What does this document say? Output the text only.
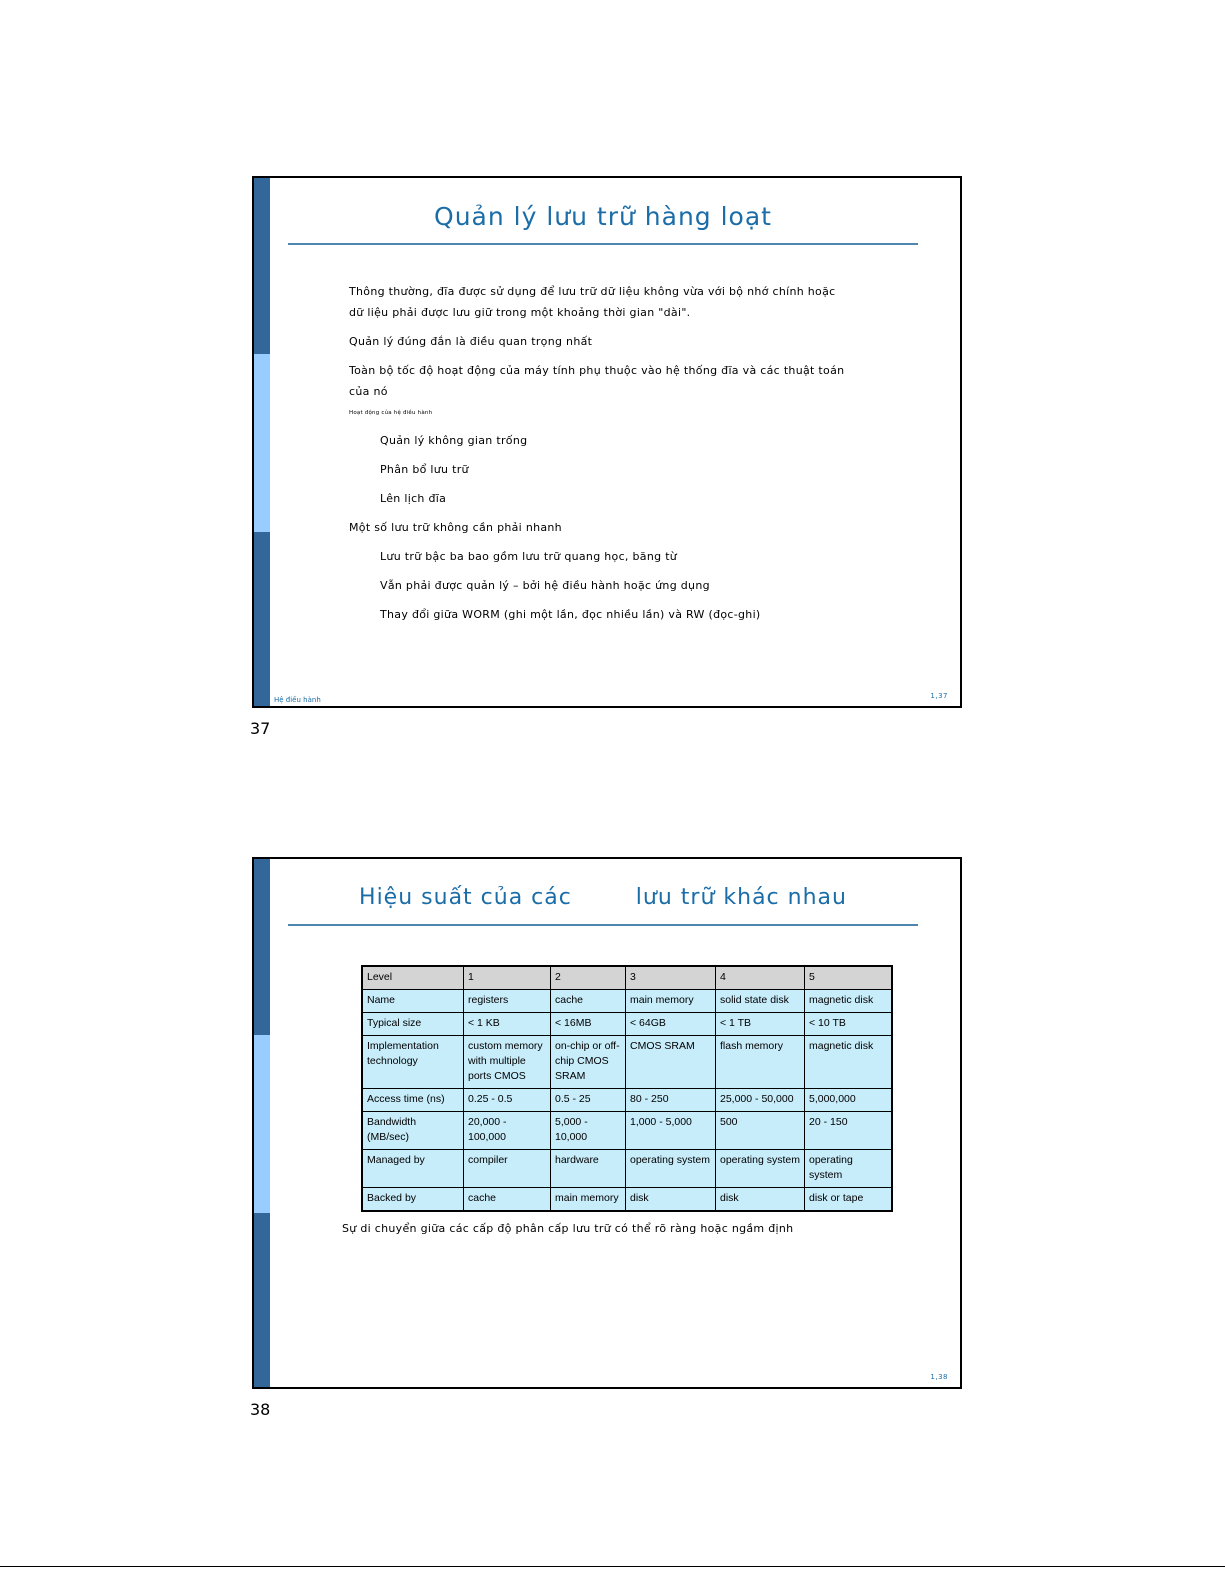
Quản lý lưu trữ hàng loạt

Thông thường, đĩa được sử dụng để lưu trữ dữ liệu không vừa với bộ nhớ chính hoặc

dữ liệu phải được lưu giữ trong một khoảng thời gian "dài".

Quản lý đúng đắn là điều quan trọng nhất

Toàn bộ tốc độ hoạt động của máy tính phụ thuộc vào hệ thống đĩa và các thuật toán

của nó

Hoạt động của hệ điều hành

Quản lý không gian trống

Phân bổ lưu trữ

Lên lịch đĩa

Một số lưu trữ không cần phải nhanh

Lưu trữ bậc ba bao gồm lưu trữ quang học, băng từ

Vẫn phải được quản lý – bởi hệ điều hành hoặc ứng dụng

Thay đổi giữa WORM (ghi một lần, đọc nhiều lần) và RW (đọc-ghi)

Hệ điều hành	1,37
37
Hiệu suất của các        lưu trữ khác nhau
Level	1	2	3	4	5
Name	registers	cache	main memory	solid state disk	magnetic disk
Typical size	< 1 KB	< 16MB	< 64GB	< 1 TB	< 10 TB
Implementation technology	custom memory with multiple ports CMOS	on-chip or off-chip CMOS SRAM	CMOS SRAM	flash memory	magnetic disk
Access time (ns)	0.25 - 0.5	0.5 - 25	80 - 250	25,000 - 50,000	5,000,000
Bandwidth (MB/sec)	20,000 - 100,000	5,000 - 10,000	1,000 - 5,000	500	20 - 150
Managed by	compiler	hardware	operating system	operating system	operating system
Backed by	cache	main memory	disk	disk	disk or tape
Sự di chuyển giữa các cấp độ phân cấp lưu trữ có thể rõ ràng hoặc ngầm định
1,38
38
